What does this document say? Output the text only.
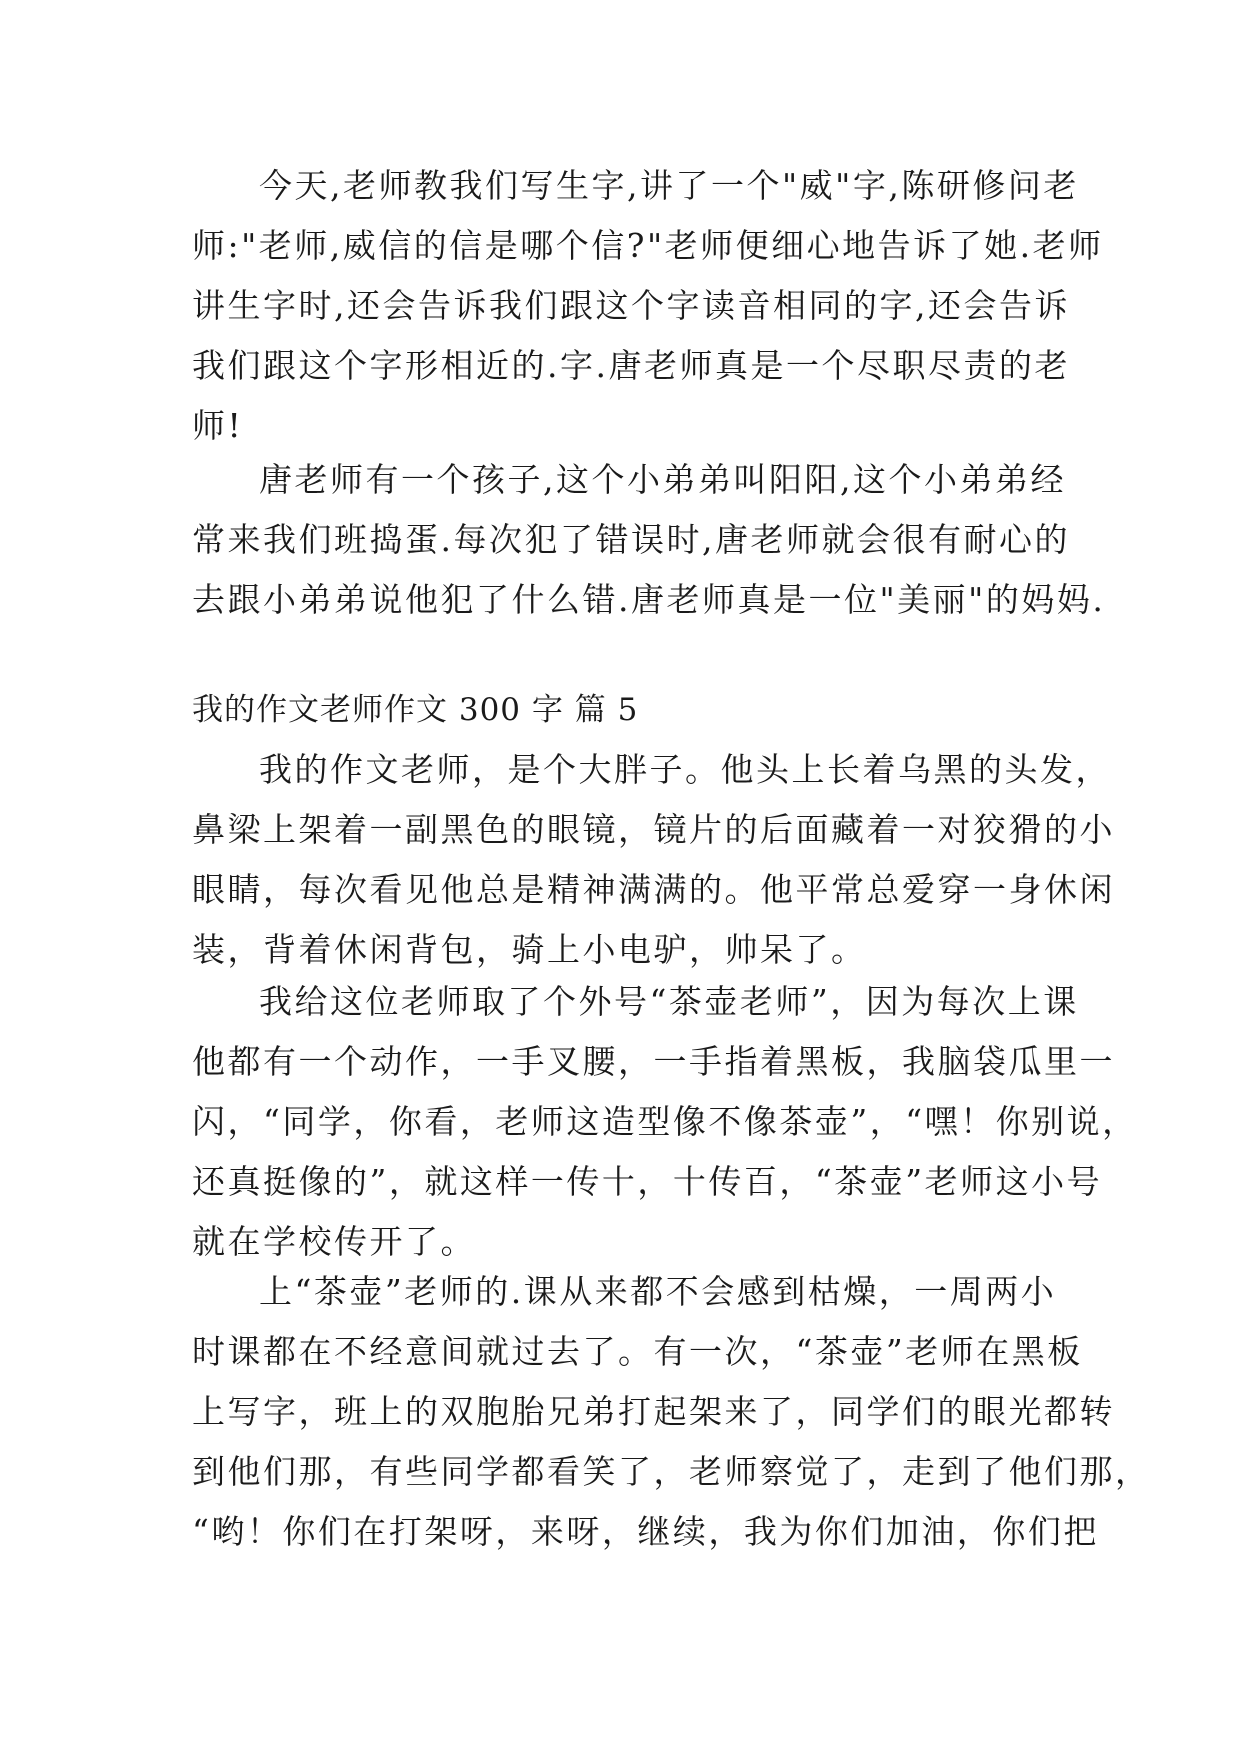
今天,老师教我们写生字,讲了一个"威"字,陈研修问老
师:"老师,威信的信是哪个信?"老师便细心地告诉了她.老师
讲生字时,还会告诉我们跟这个字读音相同的字,还会告诉
我们跟这个字形相近的.字.唐老师真是一个尽职尽责的老
师!
唐老师有一个孩子,这个小弟弟叫阳阳,这个小弟弟经
常来我们班捣蛋.每次犯了错误时,唐老师就会很有耐心的
去跟小弟弟说他犯了什么错.唐老师真是一位"美丽"的妈妈.
我的作文老师作文 300 字 篇 5
我的作文老师，是个大胖子。他头上长着乌黑的头发，
鼻梁上架着一副黑色的眼镜，镜片的后面藏着一对狡猾的小
眼睛，每次看见他总是精神满满的。他平常总爱穿一身休闲
装，背着休闲背包，骑上小电驴，帅呆了。
我给这位老师取了个外号“茶壶老师”，因为每次上课
他都有一个动作，一手叉腰，一手指着黑板，我脑袋瓜里一
闪，“同学，你看，老师这造型像不像茶壶”，“嘿！你别说，
还真挺像的”，就这样一传十，十传百，“茶壶”老师这小号
就在学校传开了。
上“茶壶”老师的.课从来都不会感到枯燥，一周两小
时课都在不经意间就过去了。有一次，“茶壶”老师在黑板
上写字，班上的双胞胎兄弟打起架来了，同学们的眼光都转
到他们那，有些同学都看笑了，老师察觉了，走到了他们那，
“哟！你们在打架呀，来呀，继续，我为你们加油，你们把
